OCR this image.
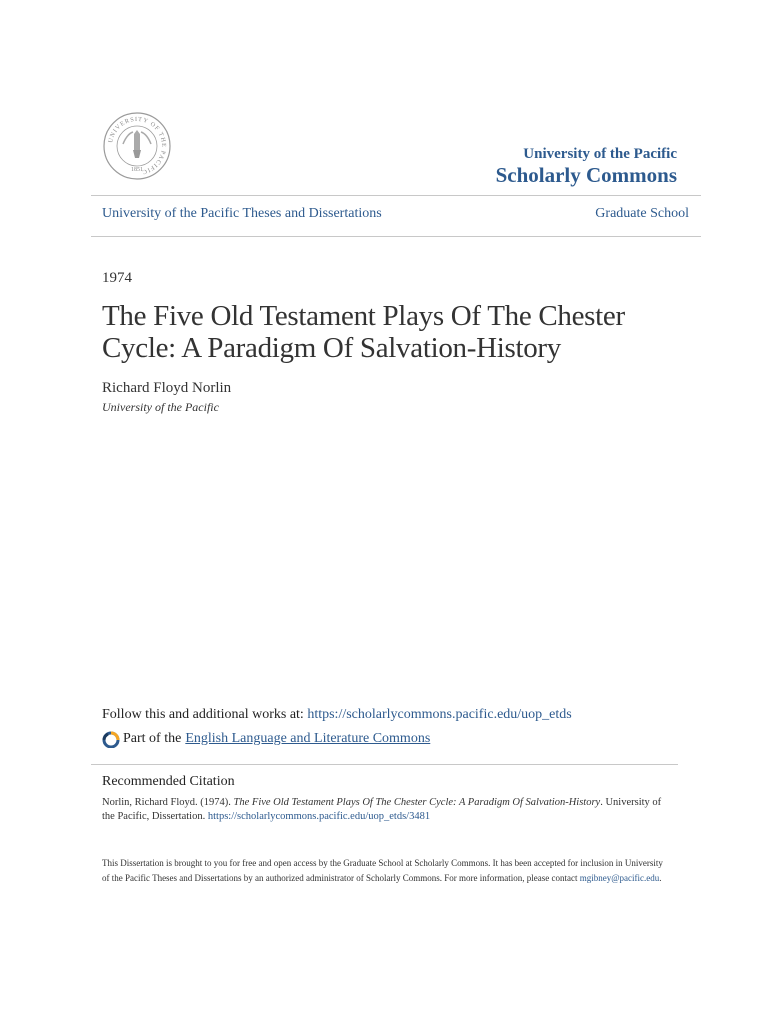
UNIVERSITY OF THE PACIFIC
1851
University of the Pacific
Scholarly Commons
University of the Pacific Theses and Dissertations	Graduate School
1974
The Five Old Testament Plays Of The Chester Cycle: A Paradigm Of Salvation-History
Richard Floyd Norlin
University of the Pacific
Follow this and additional works at: https://scholarlycommons.pacific.edu/uop_etds
Part of the English Language and Literature Commons
Recommended Citation
Norlin, Richard Floyd. (1974). The Five Old Testament Plays Of The Chester Cycle: A Paradigm Of Salvation-History. University of the Pacific, Dissertation. https://scholarlycommons.pacific.edu/uop_etds/3481
This Dissertation is brought to you for free and open access by the Graduate School at Scholarly Commons. It has been accepted for inclusion in University of the Pacific Theses and Dissertations by an authorized administrator of Scholarly Commons. For more information, please contact mgibney@pacific.edu.
